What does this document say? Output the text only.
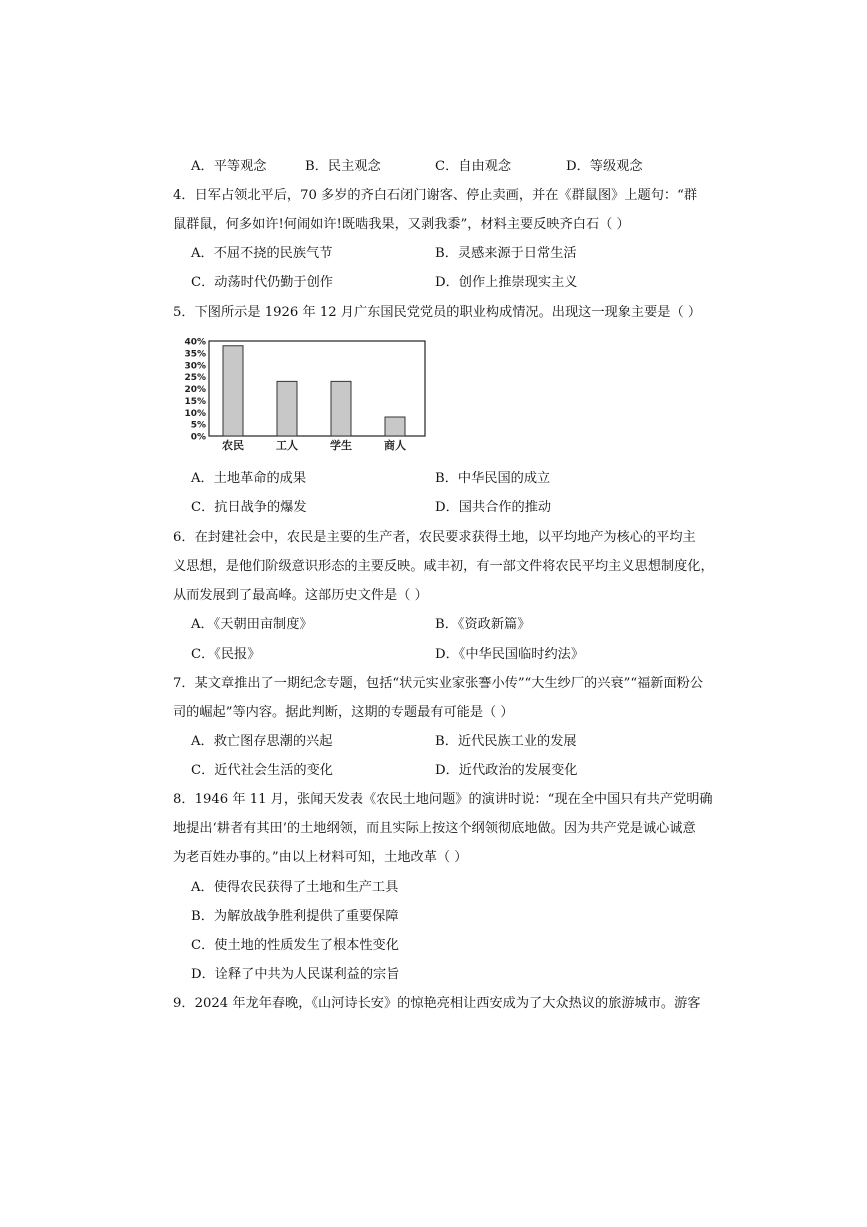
A．平等观念	B．民主观念	C．自由观念	D．等级观念
4．日军占领北平后，70 多岁的齐白石闭门谢客、停止卖画，并在《群鼠图》上题句：“群
鼠群鼠，何多如许!何闹如许!既啮我果，又剥我黍”，材料主要反映齐白石（ ）
A．不屈不挠的民族气节	B．灵感来源于日常生活
C．动荡时代仍勤于创作	D．创作上推崇现实主义
5．下图所示是 1926 年 12 月广东国民党党员的职业构成情况。出现这一现象主要是（ ）
40%
35%
30%
25%
20%
15%
10%
5%
0%
农民	工人	学生	商人
A．土地革命的成果	B．中华民国的成立
C．抗日战争的爆发	D．国共合作的推动
6．在封建社会中，农民是主要的生产者，农民要求获得土地，以平均地产为核心的平均主
义思想，是他们阶级意识形态的主要反映。咸丰初，有一部文件将农民平均主义思想制度化，
从而发展到了最高峰。这部历史文件是（ ）
A．《天朝田亩制度》	B．《资政新篇》
C．《民报》	D．《中华民国临时约法》
7．某文章推出了一期纪念专题，包括“状元实业家张謇小传”“大生纱厂的兴衰”“福新面粉公
司的崛起”等内容。据此判断，这期的专题最有可能是（ ）
A．救亡图存思潮的兴起	B．近代民族工业的发展
C．近代社会生活的变化	D．近代政治的发展变化
8．1946 年 11 月，张闻天发表《农民土地问题》的演讲时说：“现在全中国只有共产党明确
地提出‘耕者有其田’的土地纲领，而且实际上按这个纲领彻底地做。因为共产党是诚心诚意
为老百姓办事的。”由以上材料可知，土地改革（ ）
A．使得农民获得了土地和生产工具
B．为解放战争胜利提供了重要保障
C．使土地的性质发生了根本性变化
D．诠释了中共为人民谋利益的宗旨
9．2024 年龙年春晚，《山河诗长安》的惊艳亮相让西安成为了大众热议的旅游城市。游客
